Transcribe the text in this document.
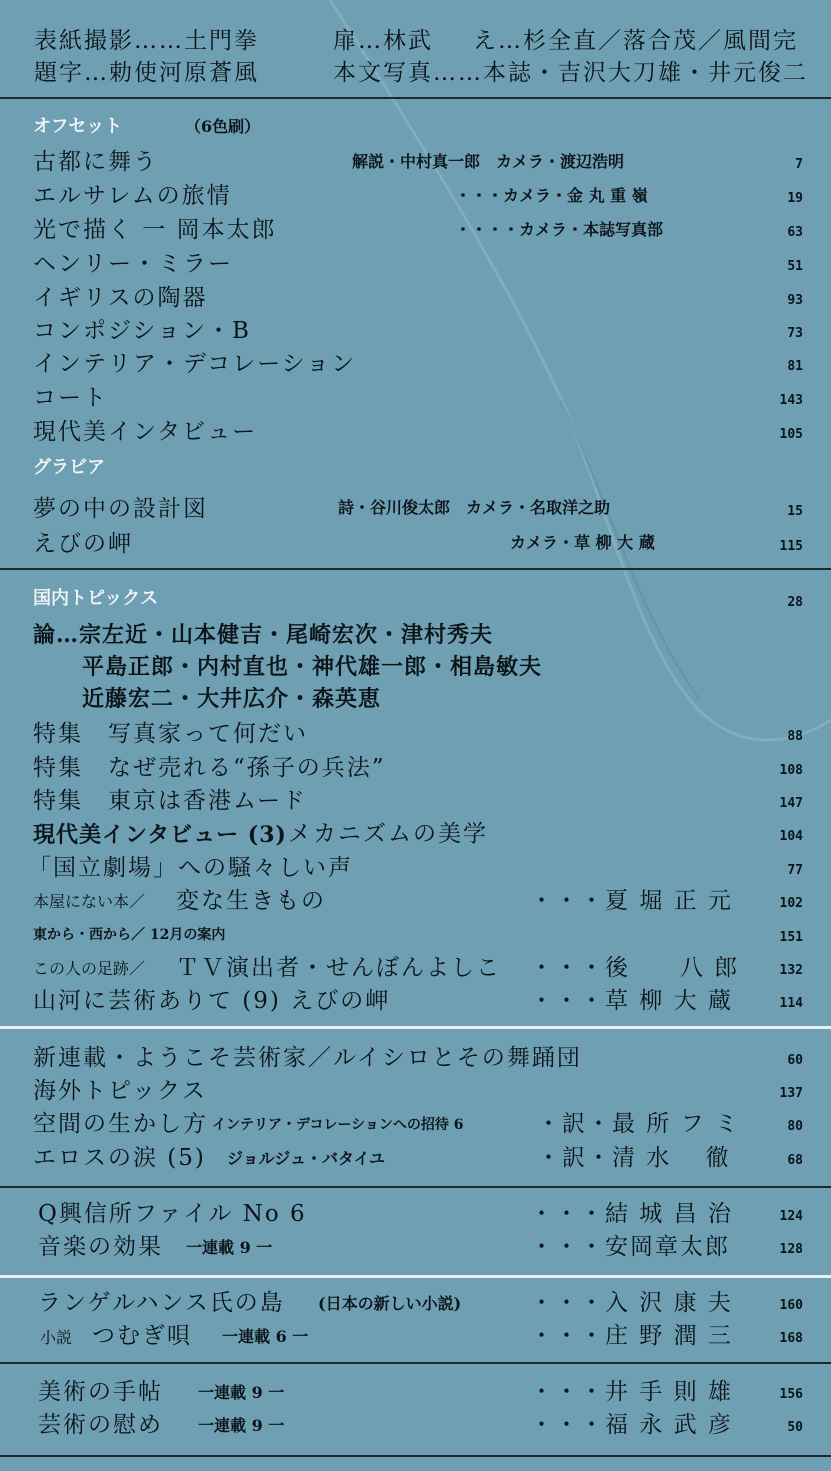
表紙撮影……土門拳	扉…林武 え…杉全直／落合茂／風間完
題字…勅使河原蒼風	本文写真……本誌・吉沢大刀雄・井元俊二
オフセット	（6色刷）
古都に舞う	解説・中村真一郎　カメラ・渡辺浩明	7
エルサレムの旅情	・・・カメラ・金 丸 重 嶺	19
光で描く 一 岡本太郎	・・・・カメラ・本誌写真部	63
ヘンリー・ミラー	51
イギリスの陶器	93
コンポジション・B	73
インテリア・デコレーション	81
コート	143
現代美インタビュー	105
グラビア
夢の中の設計図	詩・谷川俊太郎　カメラ・名取洋之助	15
えびの岬	カメラ・草 柳 大 蔵	115
国内トピックス	28
論…宗左近・山本健吉・尾崎宏次・津村秀夫
平島正郎・内村直也・神代雄一郎・相島敏夫
近藤宏二・大井広介・森英恵
特集　写真家って何だい	88
特集　なぜ売れる“孫子の兵法”	108
特集　東京は香港ムード	147
現代美インタビュー (3) メカニズムの美学	104
「国立劇場」への騒々しい声	77
本屋にない本／ 変な生きもの	・・・夏 堀 正 元	102
東から・西から／ 12月の案内	151
この人の足跡／ ＴＶ演出者・せんぼんよしこ ・・・後　　八 郎	132
山河に芸術ありて (9) えびの岬	・・・草 柳 大 蔵	114
新連載・ようこそ芸術家／ルイシロとその舞踊団	60
海外トピックス	137
空間の生かし方 インテリア・デコレーションへの招待 6	・訳・最 所 フ ミ	80
エロスの涙 (5) ジョルジュ・バタイユ	・訳・清 水　 徹	68
Q興信所ファイル No 6	・・・結 城 昌 治	124
音楽の効果 一連載 9 一	・・・安岡章太郎	128
ランゲルハンス氏の島 (日本の新しい小説)	・・・入 沢 康 夫	160
小説 つむぎ唄 一連載 6 一	・・・庄 野 潤 三	168
美術の手帖 一連載 9 一	・・・井 手 則 雄	156
芸術の慰め 一連載 9 一	・・・福 永 武 彦	50
